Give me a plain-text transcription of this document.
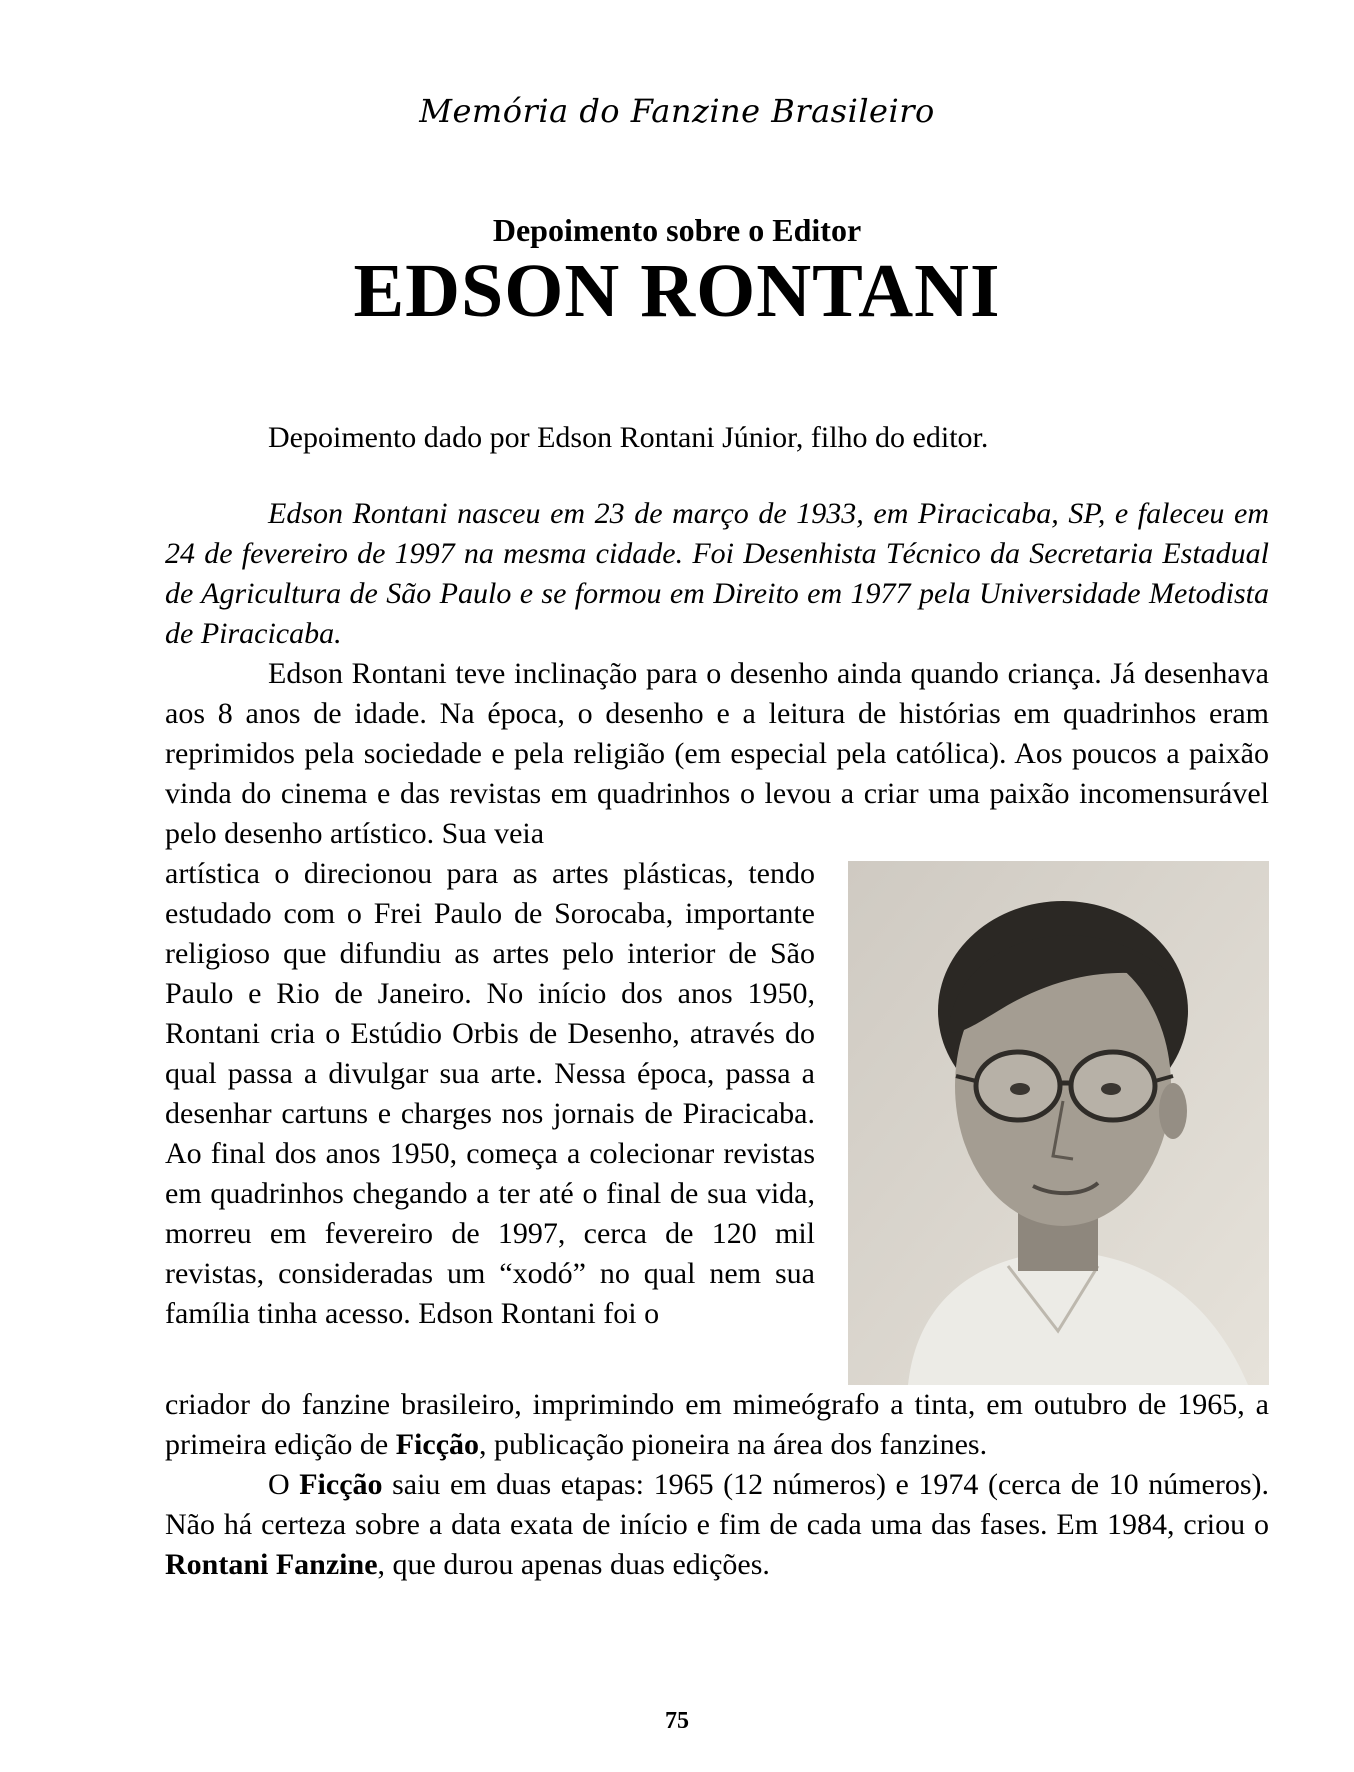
Memória do Fanzine Brasileiro
Depoimento sobre o Editor
EDSON RONTANI
Depoimento dado por Edson Rontani Júnior, filho do editor.

Edson Rontani nasceu em 23 de março de 1933, em Piracicaba, SP, e faleceu em 24 de fevereiro de 1997 na mesma cidade. Foi Desenhista Técnico da Secretaria Estadual de Agricultura de São Paulo e se formou em Direito em 1977 pela Universidade Metodista de Piracicaba.

Edson Rontani teve inclinação para o desenho ainda quando criança. Já desenhava aos 8 anos de idade. Na época, o desenho e a leitura de histórias em quadrinhos eram reprimidos pela sociedade e pela religião (em especial pela católica). Aos poucos a paixão vinda do cinema e das revistas em quadrinhos o levou a criar uma paixão incomensurável pelo desenho artístico. Sua veia

artística o direcionou para as artes plásticas, tendo estudado com o Frei Paulo de Sorocaba, importante religioso que difundiu as artes pelo interior de São Paulo e Rio de Janeiro. No início dos anos 1950, Rontani cria o Estúdio Orbis de Desenho, através do qual passa a divulgar sua arte. Nessa época, passa a desenhar cartuns e charges nos jornais de Piracicaba. Ao final dos anos 1950, começa a colecionar revistas em quadrinhos chegando a ter até o final de sua vida, morreu em fevereiro de 1997, cerca de 120 mil revistas, consideradas um “xodó” no qual nem sua família tinha acesso. Edson Rontani foi o

criador do fanzine brasileiro, imprimindo em mimeógrafo a tinta, em outubro de 1965, a primeira edição de Ficção, publicação pioneira na área dos fanzines.

O Ficção saiu em duas etapas: 1965 (12 números) e 1974 (cerca de 10 números). Não há certeza sobre a data exata de início e fim de cada uma das fases. Em 1984, criou o Rontani Fanzine, que durou apenas duas edições.

75
